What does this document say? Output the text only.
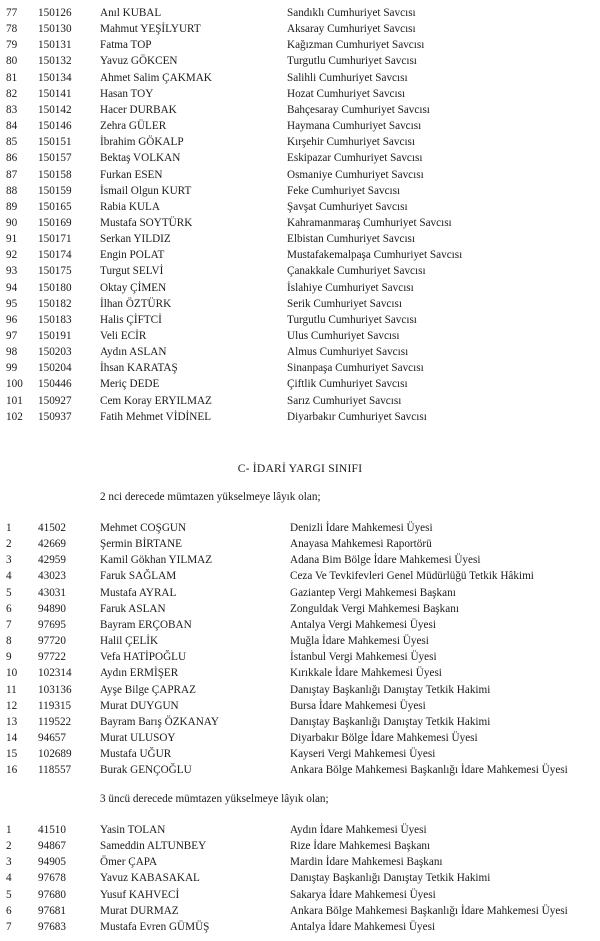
77 150126	Anıl KUBAL	Sandıklı Cumhuriyet Savcısı
78 150130	Mahmut YEŞİLYURT	Aksaray Cumhuriyet Savcısı
79 150131	Fatma TOP	Kağızman Cumhuriyet Savcısı
80 150132	Yavuz GÖKCEN	Turgutlu Cumhuriyet Savcısı
81 150134	Ahmet Salim ÇAKMAK	Salihli Cumhuriyet Savcısı
82 150141	Hasan TOY	Hozat Cumhuriyet Savcısı
83 150142	Hacer DURBAK	Bahçesaray Cumhuriyet Savcısı
84 150146	Zehra GÜLER	Haymana Cumhuriyet Savcısı
85 150151	İbrahim GÖKALP	Kırşehir Cumhuriyet Savcısı
86 150157	Bektaş VOLKAN	Eskipazar Cumhuriyet Savcısı
87 150158	Furkan ESEN	Osmaniye Cumhuriyet Savcısı
88 150159	İsmail Olgun KURT	Feke Cumhuriyet Savcısı
89 150165	Rabia KULA	Şavşat Cumhuriyet Savcısı
90 150169	Mustafa SOYTÜRK	Kahramanmaraş Cumhuriyet Savcısı
91 150171	Serkan YILDIZ	Elbistan Cumhuriyet Savcısı
92 150174	Engin POLAT	Mustafakemalpaşa Cumhuriyet Savcısı
93 150175	Turgut SELVİ	Çanakkale Cumhuriyet Savcısı
94 150180	Oktay ÇİMEN	İslahiye Cumhuriyet Savcısı
95 150182	İlhan ÖZTÜRK	Serik Cumhuriyet Savcısı
96 150183	Halis ÇİFTCİ	Turgutlu Cumhuriyet Savcısı
97 150191	Veli ECİR	Ulus Cumhuriyet Savcısı
98 150203	Aydın ASLAN	Almus Cumhuriyet Savcısı
99 150204	İhsan KARATAŞ	Sinanpaşa Cumhuriyet Savcısı
100 150446	Meriç DEDE	Çiftlik Cumhuriyet Savcısı
101 150927	Cem Koray ERYILMAZ	Sarız Cumhuriyet Savcısı
102 150937	Fatih Mehmet VİDİNEL	Diyarbakır Cumhuriyet Savcısı
1 41502	Mehmet COŞGUN	Denizli İdare Mahkemesi Üyesi
2 42669	Şermin BİRTANE	Anayasa Mahkemesi Raportörü
3 42959	Kamil Gökhan YILMAZ	Adana Bim Bölge İdare Mahkemesi Üyesi
4 43023	Faruk SAĞLAM	Ceza Ve Tevkifevleri Genel Müdürlüğü Tetkik Hâkimi
5 43031	Mustafa AYRAL	Gaziantep Vergi Mahkemesi Başkanı
6 94890	Faruk ASLAN	Zonguldak Vergi Mahkemesi Başkanı
7 97695	Bayram ERÇOBAN	Antalya Vergi Mahkemesi Üyesi
8 97720	Halil ÇELİK	Muğla İdare Mahkemesi Üyesi
9 97722	Vefa HATİPOĞLU	İstanbul Vergi Mahkemesi Üyesi
10 102314	Aydın ERMİŞER	Kırıkkale İdare Mahkemesi Üyesi
11 103136	Ayşe Bilge ÇAPRAZ	Danıştay Başkanlığı Danıştay Tetkik Hakimi
12 119315	Murat DUYGUN	Bursa İdare Mahkemesi Üyesi
13 119522	Bayram Barış ÖZKANAY	Danıştay Başkanlığı Danıştay Tetkik Hakimi
14 94657	Murat ULUSOY	Diyarbakır Bölge İdare Mahkemesi Üyesi
15 102689	Mustafa UĞUR	Kayseri Vergi Mahkemesi Üyesi
16 118557	Burak GENÇOĞLU	Ankara Bölge Mahkemesi Başkanlığı İdare Mahkemesi Üyesi
1 41510	Yasin TOLAN	Aydın İdare Mahkemesi Üyesi
2 94867	Sameddin ALTUNBEY	Rize İdare Mahkemesi Başkanı
3 94905	Ömer ÇAPA	Mardin İdare Mahkemesi Başkanı
4 97678	Yavuz KABASAKAL	Danıştay Başkanlığı Danıştay Tetkik Hakimi
5 97680	Yusuf KAHVECİ	Sakarya İdare Mahkemesi Üyesi
6 97681	Murat DURMAZ	Ankara Bölge Mahkemesi Başkanlığı İdare Mahkemesi Üyesi
7 97683	Mustafa Evren GÜMÜŞ	Antalya İdare Mahkemesi Üyesi
C- İDARİ YARGI SINIFI
2 nci derecede mümtazen yükselmeye lâyık olan;
3 üncü derecede mümtazen yükselmeye lâyık olan;
